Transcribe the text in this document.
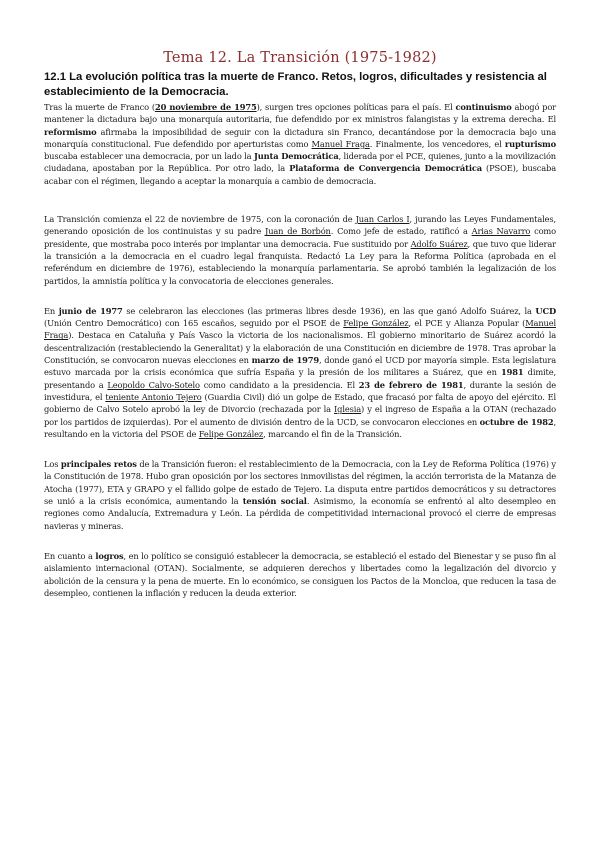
Tema 12. La Transición (1975-1982)
12.1 La evolución política tras la muerte de Franco. Retos, logros, dificultades y resistencia al establecimiento de la Democracia.

Tras la muerte de Franco (20 noviembre de 1975), surgen tres opciones políticas para el país. El continuismo abogó por mantener la dictadura bajo una monarquía autoritaria, fue defendido por ex ministros falangistas y la extrema derecha. El reformismo afirmaba la imposibilidad de seguir con la dictadura sin Franco, decantándose por la democracia bajo una monarquía constitucional. Fue defendido por aperturistas como Manuel Fraga. Finalmente, los vencedores, el rupturismo buscaba establecer una democracia, por un lado la Junta Democrática, liderada por el PCE, quienes, junto a la movilización ciudadana, apostaban por la República. Por otro lado, la Plataforma de Convergencia Democrática (PSOE), buscaba acabar con el régimen, llegando a aceptar la monarquía a cambio de democracia.

La Transición comienza el 22 de noviembre de 1975, con la coronación de Juan Carlos I, jurando las Leyes Fundamentales, generando oposición de los continuistas y su padre Juan de Borbón. Como jefe de estado, ratificó a Arias Navarro como presidente, que mostraba poco interés por implantar una democracia. Fue sustituido por Adolfo Suárez, que tuvo que liderar la transición a la democracia en el cuadro legal franquista. Redactó La Ley para la Reforma Política (aprobada en el referéndum en diciembre de 1976), estableciendo la monarquía parlamentaria. Se aprobó también la legalización de los partidos, la amnistía política y la convocatoria de elecciones generales.

En junio de 1977 se celebraron las elecciones (las primeras libres desde 1936), en las que ganó Adolfo Suárez, la UCD (Unión Centro Democrático) con 165 escaños, seguido por el PSOE de Felipe González, el PCE y Alianza Popular (Manuel Fraga). Destaca en Cataluña y País Vasco la victoria de los nacionalismos. El gobierno minoritario de Suárez acordó la descentralización (restableciendo la Generalitat) y la elaboración de una Constitución en diciembre de 1978. Tras aprobar la Constitución, se convocaron nuevas elecciones en marzo de 1979, donde ganó el UCD por mayoría simple. Esta legislatura estuvo marcada por la crisis económica que sufría España y la presión de los militares a Suárez, que en 1981 dimite, presentando a Leopoldo Calvo-Sotelo como candidato a la presidencia. El 23 de febrero de 1981, durante la sesión de investidura, el teniente Antonio Tejero (Guardia Civil) dió un golpe de Estado, que fracasó por falta de apoyo del ejército. El gobierno de Calvo Sotelo aprobó la ley de Divorcio (rechazada por la Iglesia) y el ingreso de España a la OTAN (rechazado por los partidos de izquierdas). Por el aumento de división dentro de la UCD, se convocaron elecciones en octubre de 1982, resultando en la victoria del PSOE de Felipe González, marcando el fin de la Transición.

Los principales retos de la Transición fueron: el restablecimiento de la Democracia, con la Ley de Reforma Política (1976) y la Constitución de 1978. Hubo gran oposición por los sectores inmovilistas del régimen, la acción terrorista de la Matanza de Atocha (1977), ETA y GRAPO y el fallido golpe de estado de Tejero. La disputa entre partidos democráticos y su detractores se unió a la crisis económica, aumentando la tensión social. Asimismo, la economía se enfrentó al alto desempleo en regiones como Andalucía, Extremadura y León. La pérdida de competitividad internacional provocó el cierre de empresas navieras y mineras.

En cuanto a logros, en lo político se consiguió establecer la democracia, se estableció el estado del Bienestar y se puso fin al aislamiento internacional (OTAN). Socialmente, se adquieren derechos y libertades como la legalización del divorcio y abolición de la censura y la pena de muerte. En lo económico, se consiguen los Pactos de la Moncloa, que reducen la tasa de desempleo, contienen la inflación y reducen la deuda exterior.
